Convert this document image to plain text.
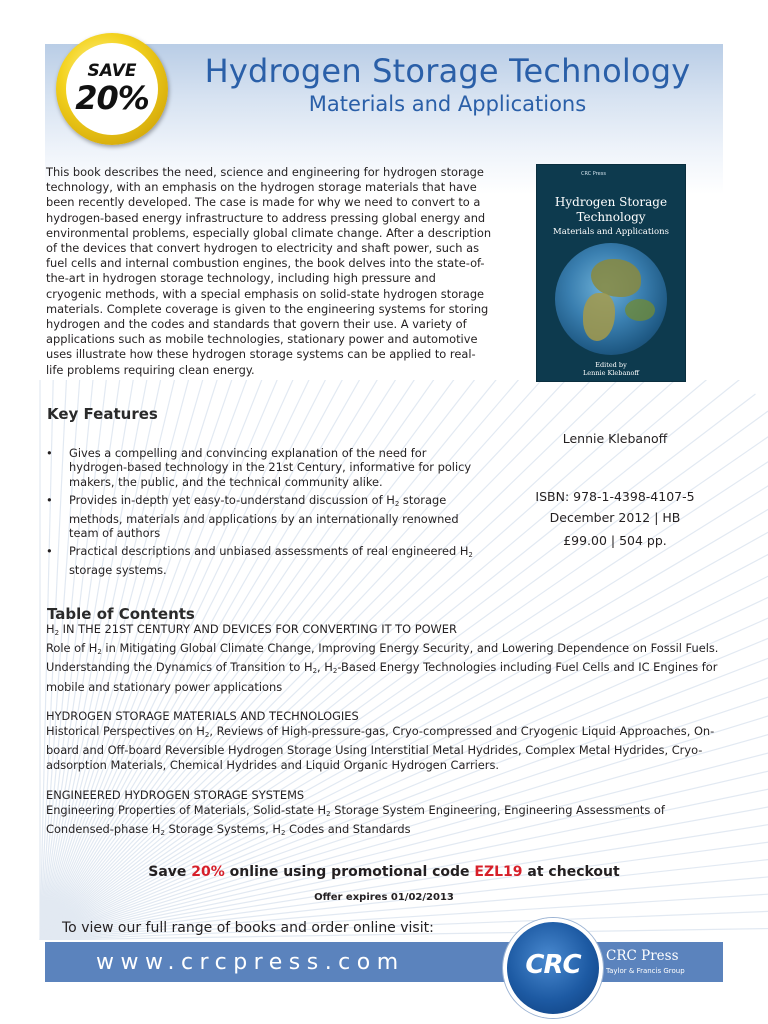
SAVE
20%
Hydrogen Storage Technology
Materials and Applications
This book describes the need, science and engineering for hydrogen storage technology, with an emphasis on the hydrogen storage materials that have been recently developed. The case is made for why we need to convert to a hydrogen-based energy infrastructure to address pressing global energy and environmental problems, especially global climate change. After a description of the devices that convert hydrogen to electricity and shaft power, such as fuel cells and internal combustion engines, the book delves into the state-of-the-art in hydrogen storage technology, including high pressure and cryogenic methods, with a special emphasis on solid-state hydrogen storage materials. Complete coverage is given to the engineering systems for storing hydrogen and the codes and standards that govern their use. A variety of applications such as mobile technologies, stationary power and automotive uses illustrate how these hydrogen storage systems can be applied to real-life problems requiring clean energy.
CRC Press
Hydrogen Storage
Technology
Materials and Applications
Edited by
Lennie Klebanoff
Lennie Klebanoff
ISBN: 978-1-4398-4107-5
December 2012 | HB
£99.00 | 504 pp.
Key Features
• Gives a compelling and convincing explanation of the need for hydrogen-based technology in the 21st Century, informative for policy makers, the public, and the technical community alike.
• Provides in-depth yet easy-to-understand discussion of $H_2$ storage methods, materials and applications by an internationally renowned team of authors
• Practical descriptions and unbiased assessments of real engineered $H_2$ storage systems.
Table of Contents
$H_2$ IN THE 21ST CENTURY AND DEVICES FOR CONVERTING IT TO POWER
Role of $H_2$ in Mitigating Global Climate Change, Improving Energy Security, and Lowering Dependence on Fossil Fuels. Understanding the Dynamics of Transition to $H_2$, $H_2$-Based Energy Technologies including Fuel Cells and IC Engines for mobile and stationary power applications
HYDROGEN STORAGE MATERIALS AND TECHNOLOGIES
Historical Perspectives on $H_2$, Reviews of High-pressure-gas, Cryo-compressed and Cryogenic Liquid Approaches, On-board and Off-board Reversible Hydrogen Storage Using Interstitial Metal Hydrides, Complex Metal Hydrides, Cryo-adsorption Materials, Chemical Hydrides and Liquid Organic Hydrogen Carriers.
ENGINEERED HYDROGEN STORAGE SYSTEMS
Engineering Properties of Materials, Solid-state $H_2$ Storage System Engineering, Engineering Assessments of Condensed-phase $H_2$ Storage Systems, $H_2$ Codes and Standards
Save 20% online using promotional code EZL19 at checkout
Offer expires 01/02/2013
To view our full range of books and order online visit:
www.crcpress.com	CRC	CRC Press
Taylor & Francis Group
